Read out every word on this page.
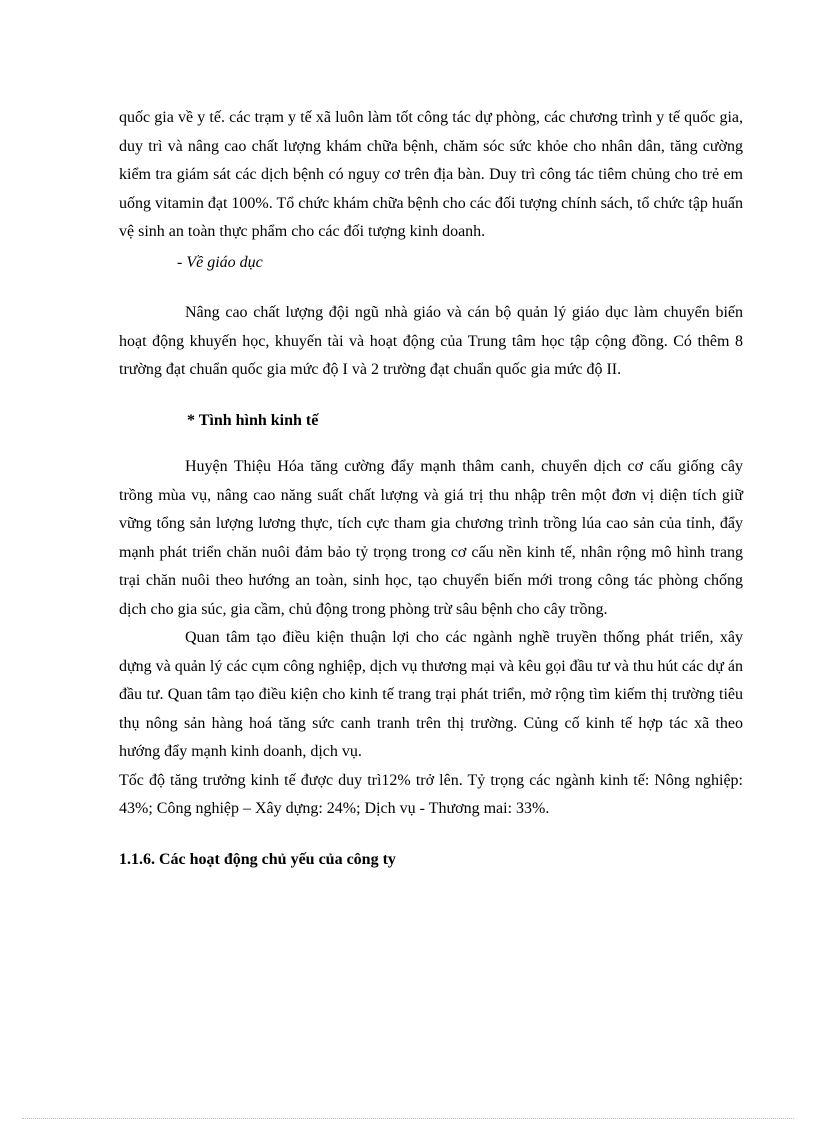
quốc gia về y tế. các trạm y tế xã luôn làm tốt công tác dự phòng, các chương trình y tế quốc gia, duy trì và nâng cao chất lượng khám chữa bệnh, chăm sóc sức khỏe cho nhân dân, tăng cường kiểm tra giám sát các dịch bệnh có nguy cơ trên địa bàn. Duy trì công tác tiêm chủng cho trẻ em uống vitamin đạt 100%. Tổ chức khám chữa bệnh cho các đối tượng chính sách, tổ chức tập huấn vệ sinh an toàn thực phẩm cho các đối tượng kinh doanh.

- Về giáo dục

Nâng cao chất lượng đội ngũ nhà giáo và cán bộ quản lý giáo dục làm chuyển biến hoạt động khuyến học, khuyến tài và hoạt động của Trung tâm học tập cộng đồng. Có thêm 8 trường đạt chuẩn quốc gia mức độ I và 2 trường đạt chuẩn quốc gia mức độ II.

* Tình hình kinh tế

Huyện Thiệu Hóa tăng cường đẩy mạnh thâm canh, chuyển dịch cơ cấu giống cây trồng mùa vụ, nâng cao năng suất chất lượng và giá trị thu nhập trên một đơn vị diện tích giữ vững tổng sản lượng lương thực, tích cực tham gia chương trình trồng lúa cao sản của tỉnh, đẩy mạnh phát triển chăn nuôi đảm bảo tỷ trọng trong cơ cấu nền kinh tế, nhân rộng mô hình trang trại chăn nuôi theo hướng an toàn, sinh học, tạo chuyển biến mới trong công tác phòng chống dịch cho gia súc, gia cầm, chủ động trong phòng trừ sâu bệnh cho cây trồng.

Quan tâm tạo điều kiện thuận lợi cho các ngành nghề truyền thống phát triển, xây dựng và quản lý các cụm công nghiệp, dịch vụ thương mại và kêu gọi đầu tư và thu hút các dự án đầu tư. Quan tâm tạo điều kiện cho kinh tế trang trại phát triển, mở rộng tìm kiếm thị trường tiêu thụ nông sản hàng hoá tăng sức canh tranh trên thị trường. Củng cố kinh tế hợp tác xã theo hướng đẩy mạnh kinh doanh, dịch vụ.

Tốc độ tăng trưởng kinh tế được duy trì12% trở lên. Tỷ trọng các ngành kinh tế: Nông nghiệp: 43%; Công nghiệp – Xây dựng: 24%; Dịch vụ - Thương mai: 33%.

1.1.6. Các hoạt động chủ yếu của công ty
